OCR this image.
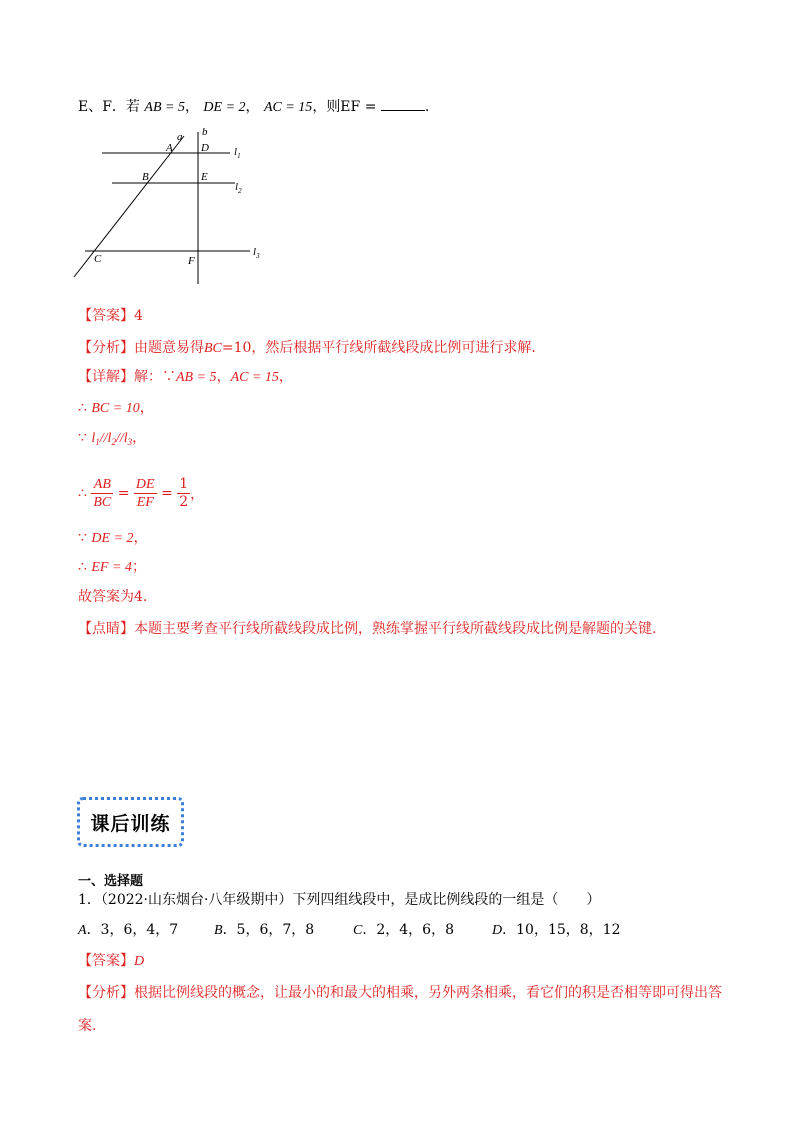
E、F．若 AB = 5， DE = 2， AC = 15，则EF =	.
a b
A	D $l_1$
B	E
$l_2$
C	F
$l_3$
【答案】4
【分析】由题意易得BC=10，然后根据平行线所截线段成比例可进行求解.
【详解】解：∵AB = 5，AC = 15，
∴ BC = 10，
∵ $l_1//l_2//l_3$，
∴ $\frac{AB}{BC} = \frac{DE}{EF} = \frac{1}{2}$ ，
∵ DE = 2，
∴ EF = 4；
故答案为4.
【点睛】本题主要考查平行线所截线段成比例，熟练掌握平行线所截线段成比例是解题的关键.
课后训练
一、选择题
1．（2022·山东烟台·八年级期中）下列四组线段中，是成比例线段的一组是（　　）
A．3，6，4，7	B．5，6，7，8	C．2，4，6，8	D．10，15，8，12
【答案】D
【分析】根据比例线段的概念，让最小的和最大的相乘，另外两条相乘，看它们的积是否相等即可得出答
案.
